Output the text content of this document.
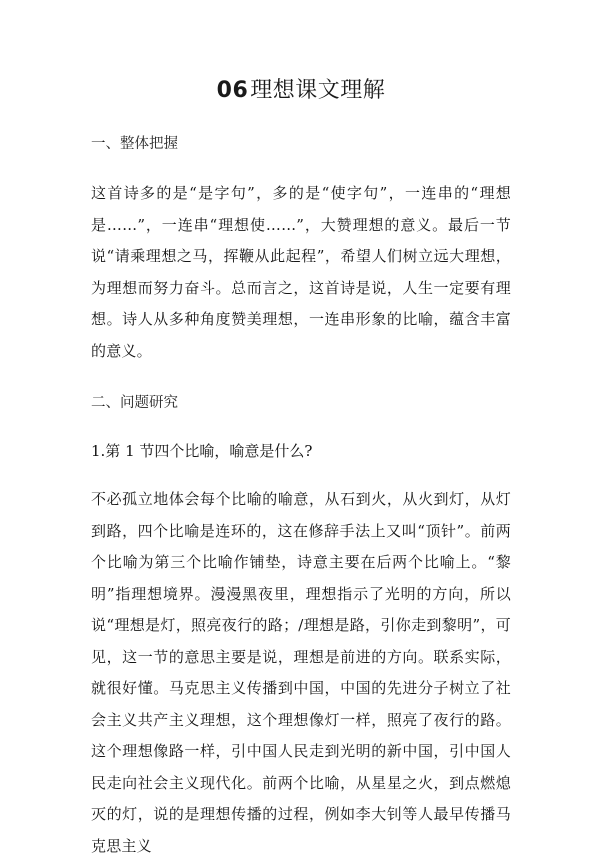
06理想课文理解
一、整体把握

这首诗多的是“是字句”，多的是“使字句”，一连串的“理想是……”，一连串“理想使……”，大赞理想的意义。最后一节说“请乘理想之马，挥鞭从此起程”，希望人们树立远大理想，为理想而努力奋斗。总而言之，这首诗是说，人生一定要有理想。诗人从多种角度赞美理想，一连串形象的比喻，蕴含丰富的意义。

二、问题研究
1.第 1 节四个比喻，喻意是什么?

不必孤立地体会每个比喻的喻意，从石到火，从火到灯，从灯到路，四个比喻是连环的，这在修辞手法上又叫“顶针”。前两个比喻为第三个比喻作铺垫，诗意主要在后两个比喻上。“黎明”指理想境界。漫漫黑夜里，理想指示了光明的方向，所以说“理想是灯，照亮夜行的路；/理想是路，引你走到黎明”，可见，这一节的意思主要是说，理想是前进的方向。联系实际，就很好懂。马克思主义传播到中国，中国的先进分子树立了社会主义共产主义理想，这个理想像灯一样，照亮了夜行的路。这个理想像路一样，引中国人民走到光明的新中国，引中国人民走向社会主义现代化。前两个比喻，从星星之火，到点燃熄灭的灯，说的是理想传播的过程，例如李大钊等人最早传播马克思主义
